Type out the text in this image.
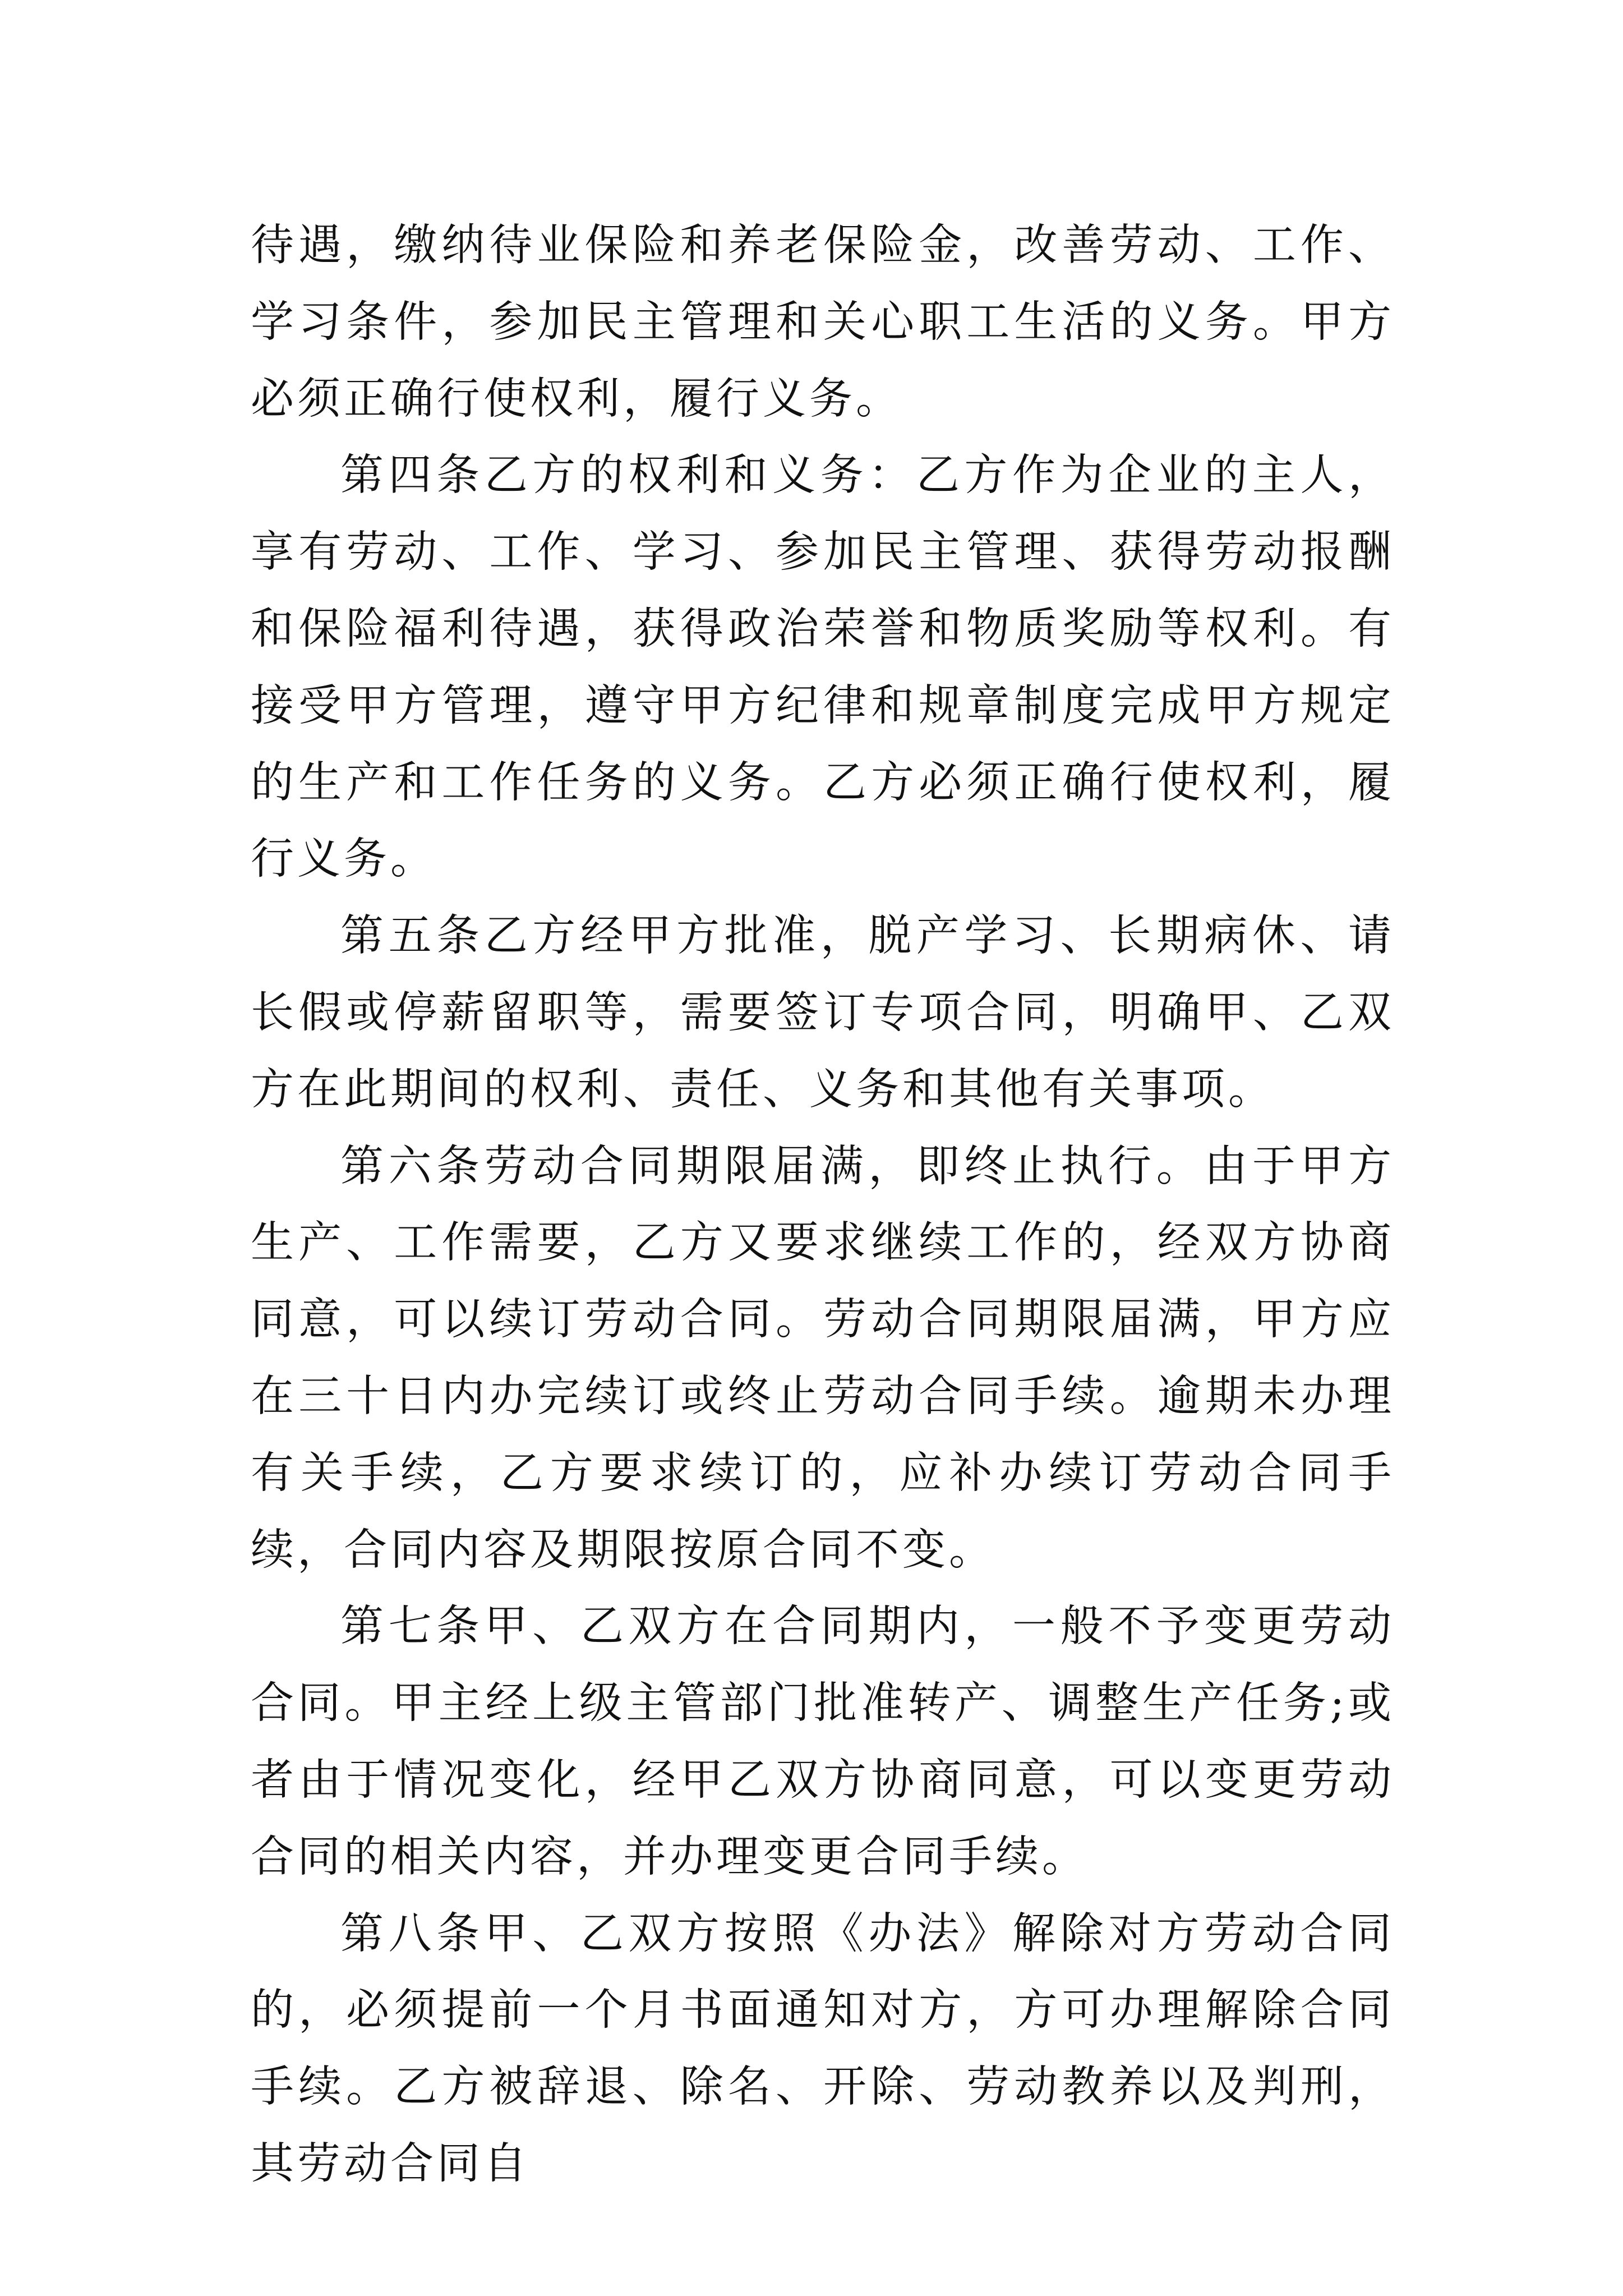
待遇，缴纳待业保险和养老保险金，改善劳动、工作、学习条件，参加民主管理和关心职工生活的义务。甲方必须正确行使权利，履行义务。

第四条乙方的权利和义务：乙方作为企业的主人，享有劳动、工作、学习、参加民主管理、获得劳动报酬和保险福利待遇，获得政治荣誉和物质奖励等权利。有接受甲方管理，遵守甲方纪律和规章制度完成甲方规定的生产和工作任务的义务。乙方必须正确行使权利，履行义务。

第五条乙方经甲方批准，脱产学习、长期病休、请长假或停薪留职等，需要签订专项合同，明确甲、乙双方在此期间的权利、责任、义务和其他有关事项。

第六条劳动合同期限届满，即终止执行。由于甲方生产、工作需要，乙方又要求继续工作的，经双方协商同意，可以续订劳动合同。劳动合同期限届满，甲方应在三十日内办完续订或终止劳动合同手续。逾期未办理有关手续，乙方要求续订的，应补办续订劳动合同手续，合同内容及期限按原合同不变。

第七条甲、乙双方在合同期内，一般不予变更劳动合同。甲主经上级主管部门批准转产、调整生产任务;或者由于情况变化，经甲乙双方协商同意，可以变更劳动合同的相关内容，并办理变更合同手续。

第八条甲、乙双方按照《办法》解除对方劳动合同的，必须提前一个月书面通知对方，方可办理解除合同手续。乙方被辞退、除名、开除、劳动教养以及判刑，其劳动合同自
